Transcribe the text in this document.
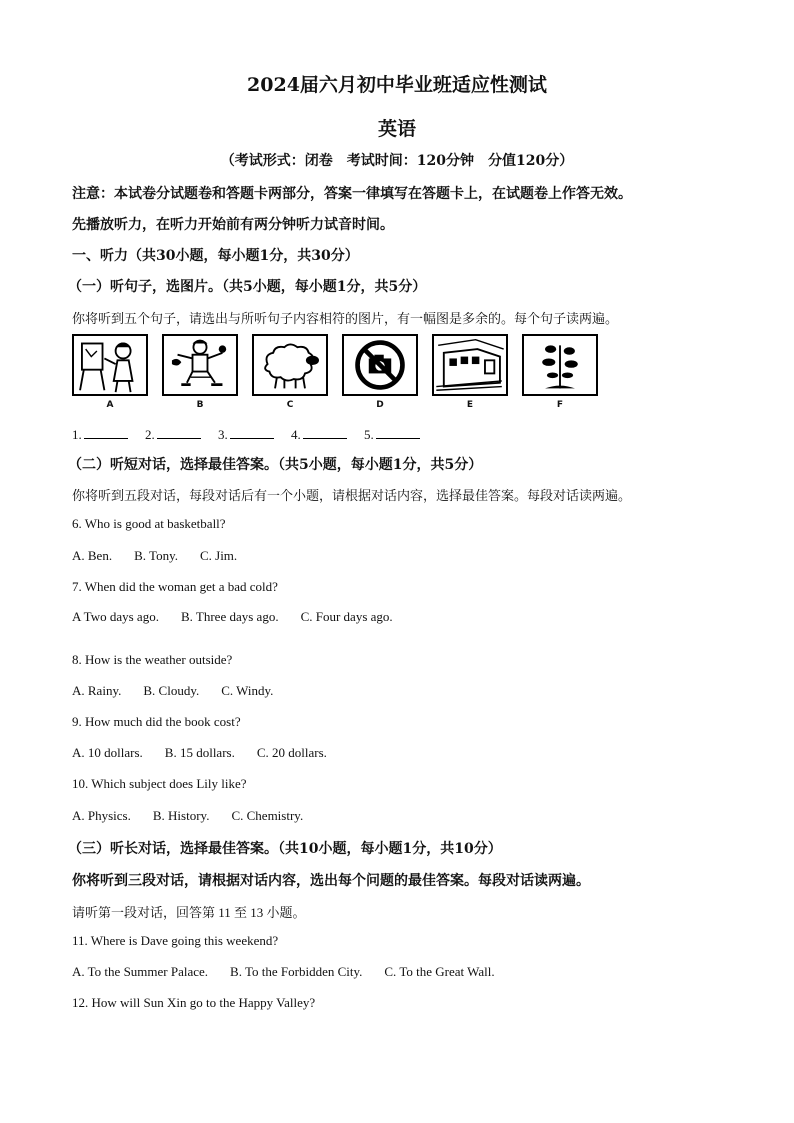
2024届六月初中毕业班适应性测试
英语
（考试形式：闭卷　考试时间：120分钟　分值120分）
注意：本试卷分试题卷和答题卡两部分，答案一律填写在答题卡上，在试题卷上作答无效。
先播放听力，在听力开始前有两分钟听力试音时间。
一、听力（共30小题，每小题1分，共30分）
（一）听句子，选图片。（共5小题，每小题1分，共5分）
你将听到五个句子，请选出与所听句子内容相符的图片，有一幅图是多余的。每个句子读两遍。
A	B	C	D	E	F
1.	2.	3.	4.	5.
（二）听短对话，选择最佳答案。（共5小题，每小题1分，共5分）
你将听到五段对话，每段对话后有一个小题，请根据对话内容，选择最佳答案。每段对话读两遍。
6. Who is good at basketball?
A. Ben. B. Tony. C. Jim.
7. When did the woman get a bad cold?
A Two days ago. B. Three days ago. C. Four days ago.
8. How is the weather outside?
A. Rainy. B. Cloudy. C. Windy.
9. How much did the book cost?
A. 10 dollars. B. 15 dollars. C. 20 dollars.
10. Which subject does Lily like?
A. Physics. B. History. C. Chemistry.
（三）听长对话，选择最佳答案。（共10小题，每小题1分，共10分）
你将听到三段对话，请根据对话内容，选出每个问题的最佳答案。每段对话读两遍。
请听第一段对话，回答第 11 至 13 小题。
11. Where is Dave going this weekend?
A. To the Summer Palace. B. To the Forbidden City. C. To the Great Wall.
12. How will Sun Xin go to the Happy Valley?
